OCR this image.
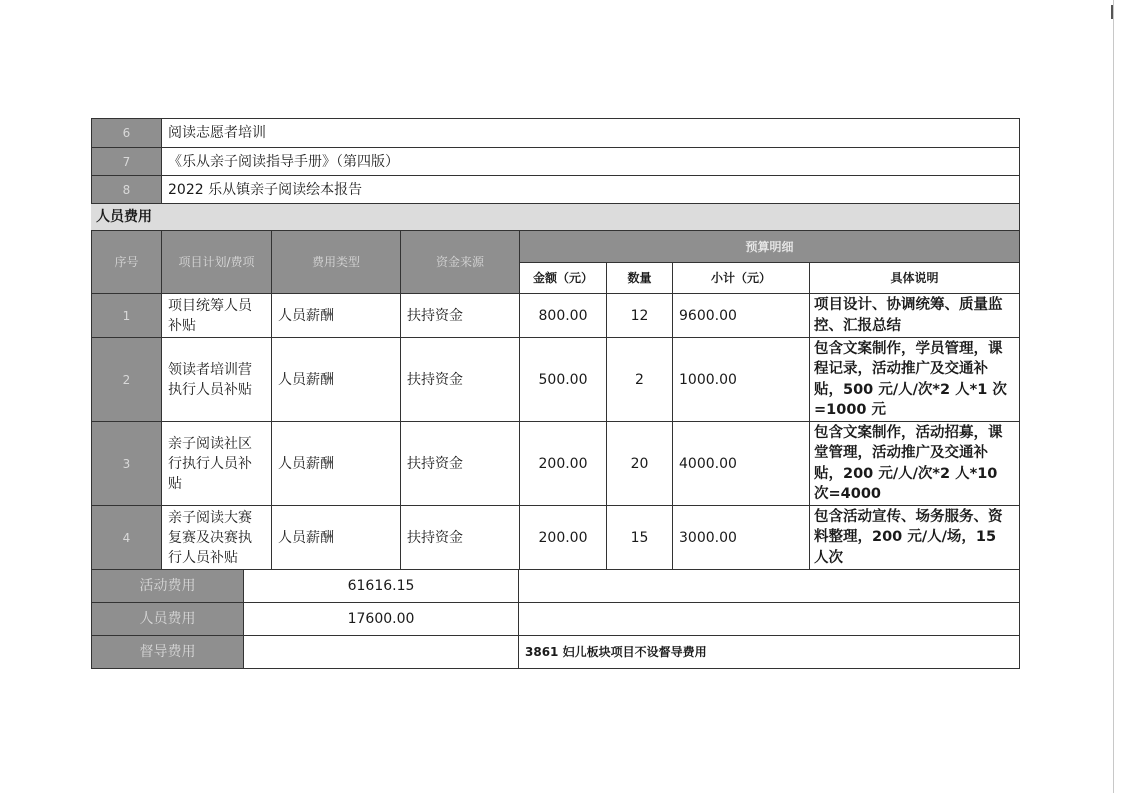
6	阅读志愿者培训
7	《乐从亲子阅读指导手册》（第四版）
8	2022 乐从镇亲子阅读绘本报告
人员费用	
序号	项目计划/费项	费用类型	资金来源	预算明细			
				金额（元）	数量	小计（元）	具体说明
1	项目统筹人员补贴	人员薪酬	扶持资金	800.00	12	9600.00	项目设计、协调统筹、质量监控、汇报总结
2	领读者培训营执行人员补贴	人员薪酬	扶持资金	500.00	2	1000.00	包含文案制作，学员管理，课程记录，活动推广及交通补贴，500 元/人/次*2 人*1 次=1000 元
3	亲子阅读社区行执行人员补贴	人员薪酬	扶持资金	200.00	20	4000.00	包含文案制作，活动招募，课堂管理，活动推广及交通补贴，200 元/人/次*2 人*10 次=4000
4	亲子阅读大赛复赛及决赛执行人员补贴	人员薪酬	扶持资金	200.00	15	3000.00	包含活动宣传、场务服务、资料整理，200 元/人/场，15 人次
活动费用	61616.15	
人员费用	17600.00	
督导费用		3861 妇儿板块项目不设督导费用
